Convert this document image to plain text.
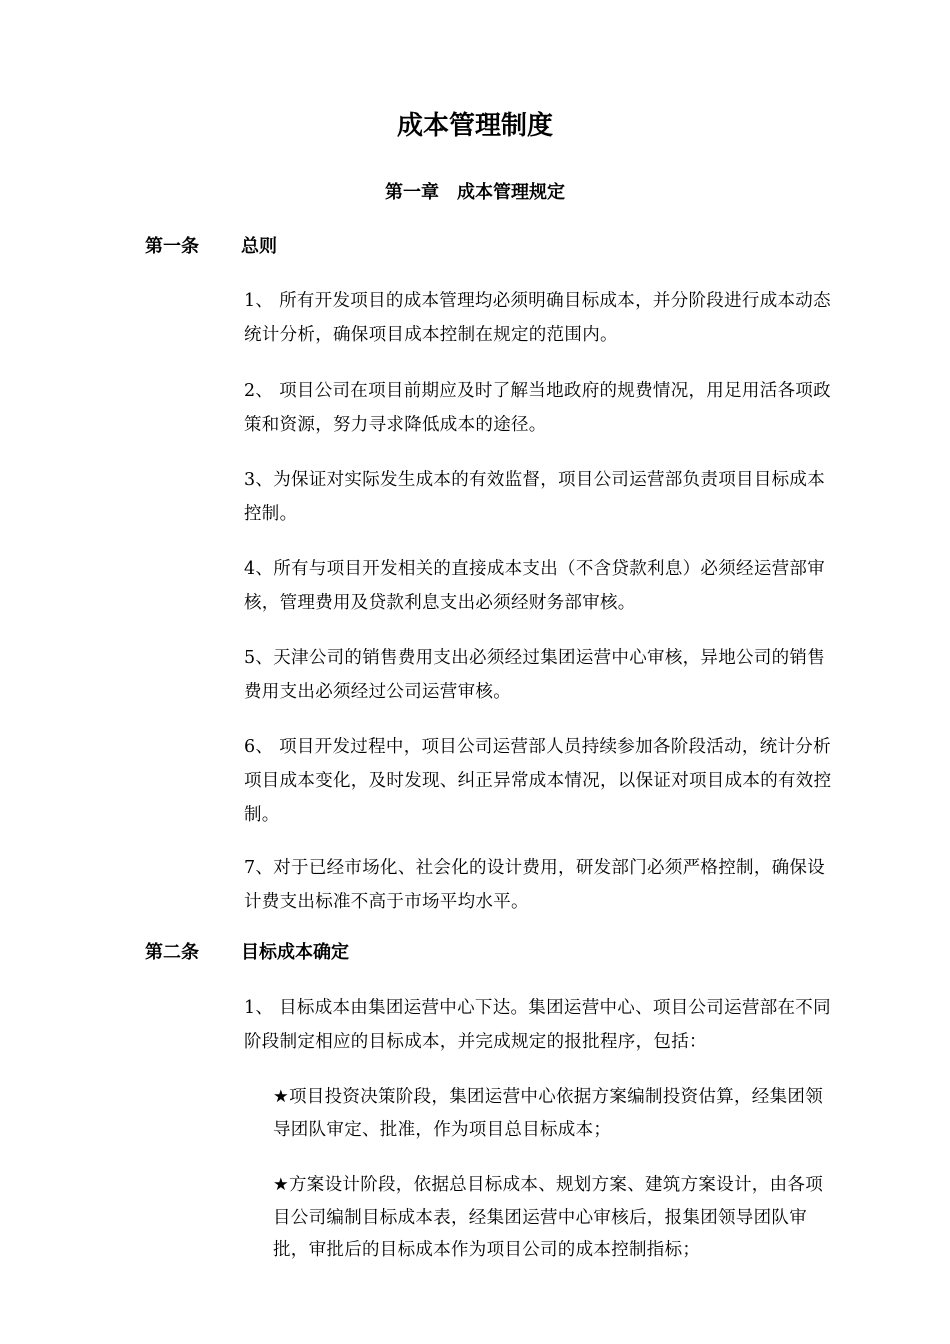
成本管理制度
第一章　成本管理规定
第一条 总则
1、 所有开发项目的成本管理均必须明确目标成本，并分阶段进行成本动态统计分析，确保项目成本控制在规定的范围内。
2、 项目公司在项目前期应及时了解当地政府的规费情况，用足用活各项政策和资源，努力寻求降低成本的途径。
3、为保证对实际发生成本的有效监督，项目公司运营部负责项目目标成本控制。
4、所有与项目开发相关的直接成本支出（不含贷款利息）必须经运营部审核，管理费用及贷款利息支出必须经财务部审核。
5、天津公司的销售费用支出必须经过集团运营中心审核，异地公司的销售费用支出必须经过公司运营审核。
6、 项目开发过程中，项目公司运营部人员持续参加各阶段活动，统计分析项目成本变化，及时发现、纠正异常成本情况，以保证对项目成本的有效控制。
7、对于已经市场化、社会化的设计费用，研发部门必须严格控制，确保设计费支出标准不高于市场平均水平。
第二条 目标成本确定
1、 目标成本由集团运营中心下达。集团运营中心、项目公司运营部在不同阶段制定相应的目标成本，并完成规定的报批程序，包括：
★项目投资决策阶段，集团运营中心依据方案编制投资估算，经集团领导团队审定、批准，作为项目总目标成本；
★方案设计阶段，依据总目标成本、规划方案、建筑方案设计，由各项目公司编制目标成本表，经集团运营中心审核后，报集团领导团队审批，审批后的目标成本作为项目公司的成本控制指标；
